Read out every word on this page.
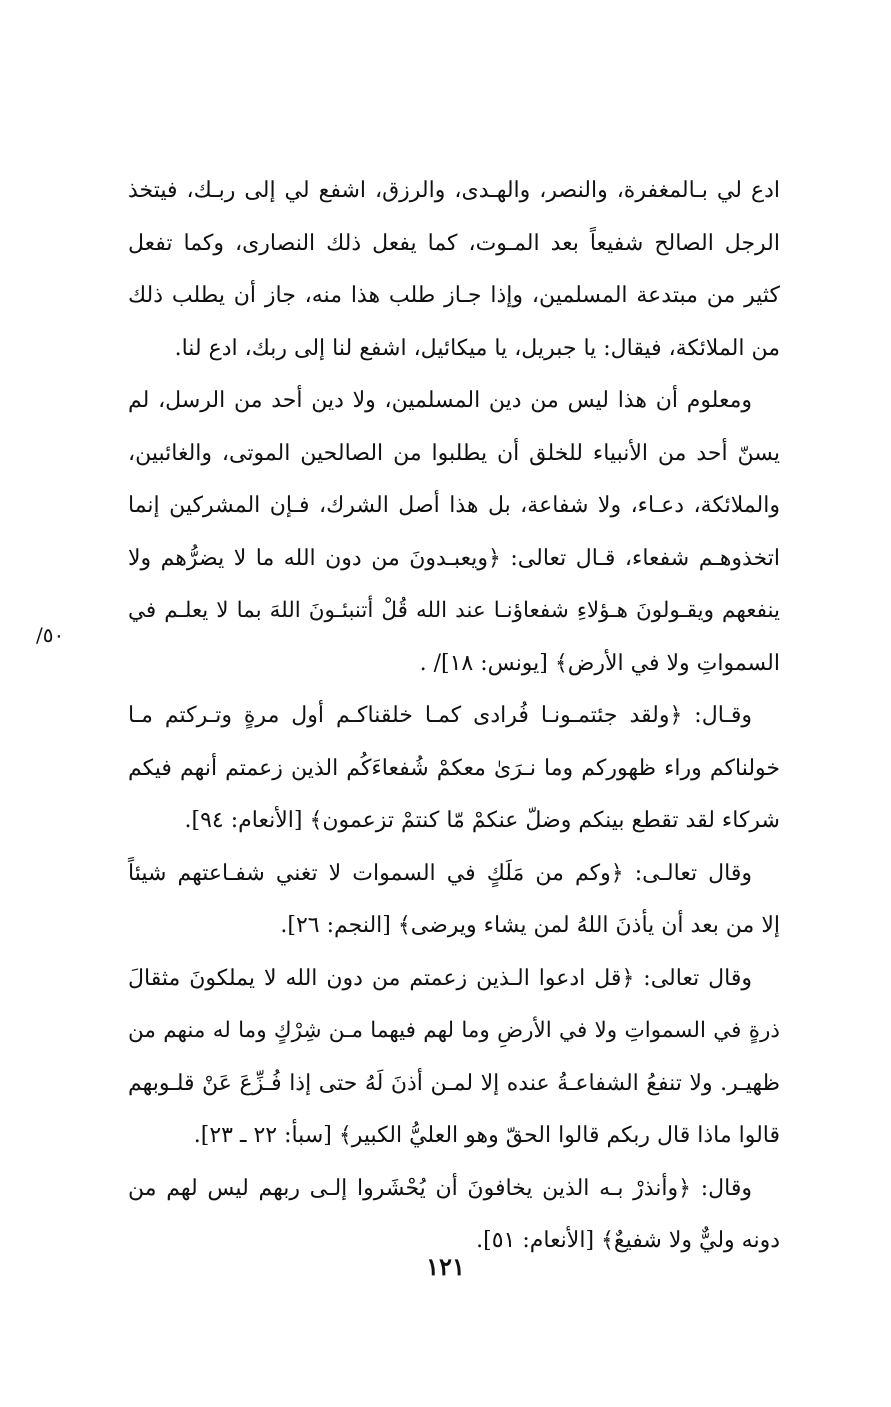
ادع لي بـالمغفرة، والنصر، والهـدى، والرزق، اشفع لي إلى ربـك، فيتخذ
الرجل الصالح شفيعاً بعد المـوت، كما يفعل ذلك النصارى، وكما تفعل
كثير من مبتدعة المسلمين، وإذا جـاز طلب هذا منه، جاز أن يطلب ذلك
من الملائكة، فيقال: يا جبريل، يا ميكائيل، اشفع لنا إلى ربك، ادع لنا.
ومعلوم أن هذا ليس من دين المسلمين، ولا دين أحد من الرسل، لم
يسنّ أحد من الأنبياء للخلق أن يطلبوا من الصالحين الموتى، والغائبين،
والملائكة، دعـاء، ولا شفاعة، بل هذا أصل الشرك، فـإن المشركين إنما
اتخذوهـم شفعاء، قـال تعالى: ﴿ويعبـدونَ من دون الله ما لا يضرُّهم ولا
ينفعهم ويقـولونَ هـؤلاءِ شفعاؤنـا عند الله قُلْ أتنبئـونَ اللهَ بما لا يعلـم في
السمواتِ ولا في الأرض﴾ [يونس: ١٨]/ .
وقـال: ﴿ولقد جئتمـونـا فُرادى كمـا خلقناكـم أول مرةٍ وتـركتم مـا
خولناكم وراء ظهوركم وما نـرَىٰ معكمْ شُفعاءَكُم الذين زعمتم أنهم فيكم
شركاء لقد تقطع بينكم وضلّ عنكمْ مّا كنتمْ تزعمون﴾ [الأنعام: ٩٤].
وقال تعالـى: ﴿وكم من مَلَكٍ في السموات لا تغني شفـاعتهم شيئاً
إلا من بعد أن يأذنَ اللهُ لمن يشاء ويرضى﴾ [النجم: ٢٦].
وقال تعالى: ﴿قل ادعوا الـذين زعمتم من دون الله لا يملكونَ مثقالَ
ذرةٍ في السمواتِ ولا في الأرضِ وما لهم فيهما مـن شِرْكٍ وما له منهم من
ظهيـر. ولا تنفعُ الشفاعـةُ عنده إلا لمـن أذنَ لَهُ حتى إذا فُـزِّعَ عَنْ قلـوبهم
قالوا ماذا قال ربكم قالوا الحقّ وهو العليُّ الكبير﴾ [سبأ: ٢٢ ـ ٢٣].
وقال: ﴿وأنذرْ بـه الذين يخافونَ أن يُحْشَروا إلـى ربهم ليس لهم من
دونه وليٌّ ولا شفيعٌ﴾ [الأنعام: ٥١].
٥٠/
١٢١
